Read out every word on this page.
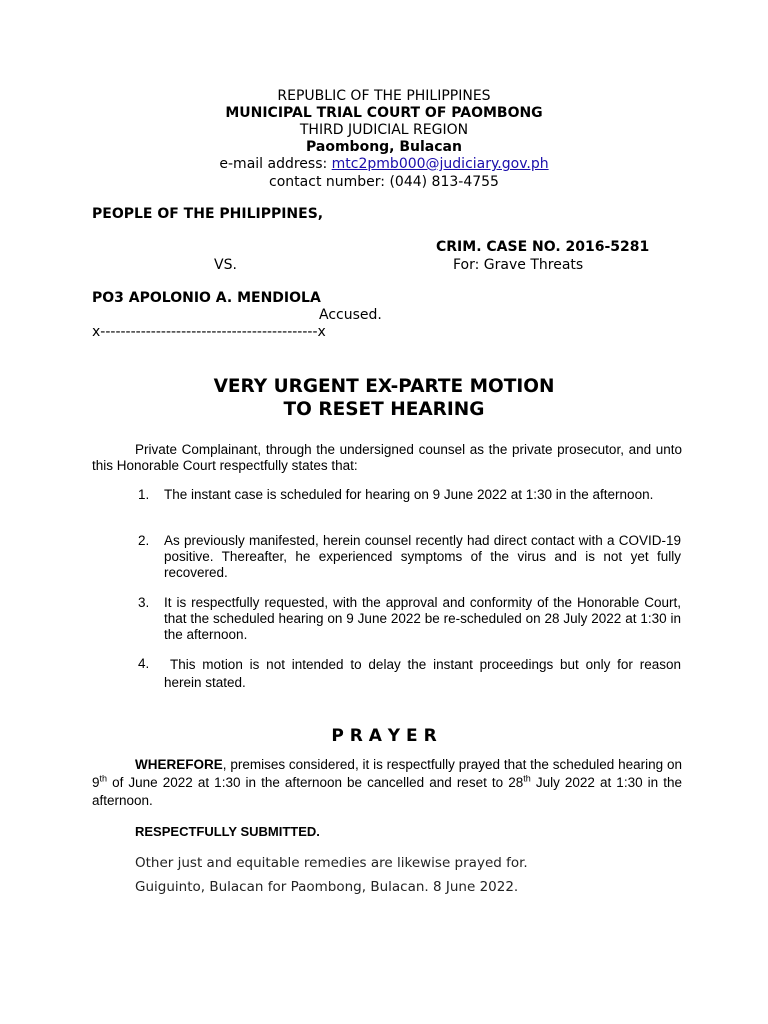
REPUBLIC OF THE PHILIPPINES
MUNICIPAL TRIAL COURT OF PAOMBONG
THIRD JUDICIAL REGION
Paombong, Bulacan
e-mail address: mtc2pmb000@judiciary.gov.ph
contact number: (044) 813-4755
PEOPLE OF THE PHILIPPINES,
CRIM. CASE NO. 2016-5281
VS.	For: Grave Threats
PO3 APOLONIO A. MENDIOLA
Accused.
x-------------------------------------------x
VERY URGENT EX-PARTE MOTION
TO RESET HEARING
Private Complainant, through the undersigned counsel as the private prosecutor, and unto this Honorable Court respectfully states that:
1. The instant case is scheduled for hearing on 9 June 2022 at 1:30 in the afternoon.
2. As previously manifested, herein counsel recently had direct contact with a COVID-19 positive. Thereafter, he experienced symptoms of the virus and is not yet fully recovered.
3. It is respectfully requested, with the approval and conformity of the Honorable Court, that the scheduled hearing on 9 June 2022 be re-scheduled on 28 July 2022 at 1:30 in the afternoon.
4.	This motion is not intended to delay the instant proceedings but only for reason herein stated.
P R A Y E R
WHEREFORE, premises considered, it is respectfully prayed that the scheduled hearing on 9th of June 2022 at 1:30 in the afternoon be cancelled and reset to 28th July 2022 at 1:30 in the afternoon.
RESPECTFULLY SUBMITTED.
Other just and equitable remedies are likewise prayed for.
Guiguinto, Bulacan for Paombong, Bulacan. 8 June 2022.
